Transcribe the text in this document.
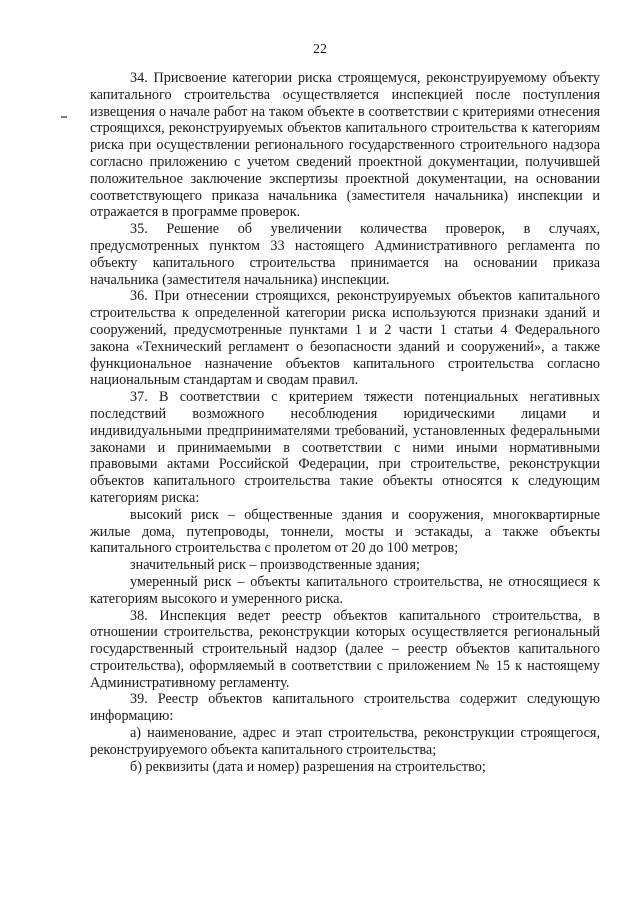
22

34. Присвоение категории риска строящемуся, реконструируемому объекту капитального строительства осуществляется инспекцией после поступления извещения о начале работ на таком объекте в соответствии с критериями отнесения строящихся, реконструируемых объектов капитального строительства к категориям риска при осуществлении регионального государственного строительного надзора согласно приложению с учетом сведений проектной документации, получившей положительное заключение экспертизы проектной документации, на основании соответствующего приказа начальника (заместителя начальника) инспекции и отражается в программе проверок.

35. Решение об увеличении количества проверок, в случаях, предусмотренных пунктом 33 настоящего Административного регламента по объекту капитального строительства принимается на основании приказа начальника (заместителя начальника) инспекции.

36. При отнесении строящихся, реконструируемых объектов капитального строительства к определенной категории риска используются признаки зданий и сооружений, предусмотренные пунктами 1 и 2 части 1 статьи 4 Федерального закона «Технический регламент о безопасности зданий и сооружений», а также функциональное назначение объектов капитального строительства согласно национальным стандартам и сводам правил.

37. В соответствии с критерием тяжести потенциальных негативных последствий возможного несоблюдения юридическими лицами и индивидуальными предпринимателями требований, установленных федеральными законами и принимаемыми в соответствии с ними иными нормативными правовыми актами Российской Федерации, при строительстве, реконструкции объектов капитального строительства такие объекты относятся к следующим категориям риска:

высокий риск – общественные здания и сооружения, многоквартирные жилые дома, путепроводы, тоннели, мосты и эстакады, а также объекты капитального строительства с пролетом от 20 до 100 метров;

значительный риск – производственные здания;

умеренный риск – объекты капитального строительства, не относящиеся к категориям высокого и умеренного риска.

38. Инспекция ведет реестр объектов капитального строительства, в отношении строительства, реконструкции которых осуществляется региональный государственный строительный надзор (далее – реестр объектов капитального строительства), оформляемый в соответствии с приложением № 15 к настоящему Административному регламенту.

39. Реестр объектов капитального строительства содержит следующую информацию:

а) наименование, адрес и этап строительства, реконструкции строящегося, реконструируемого объекта капитального строительства;

б) реквизиты (дата и номер) разрешения на строительство;
